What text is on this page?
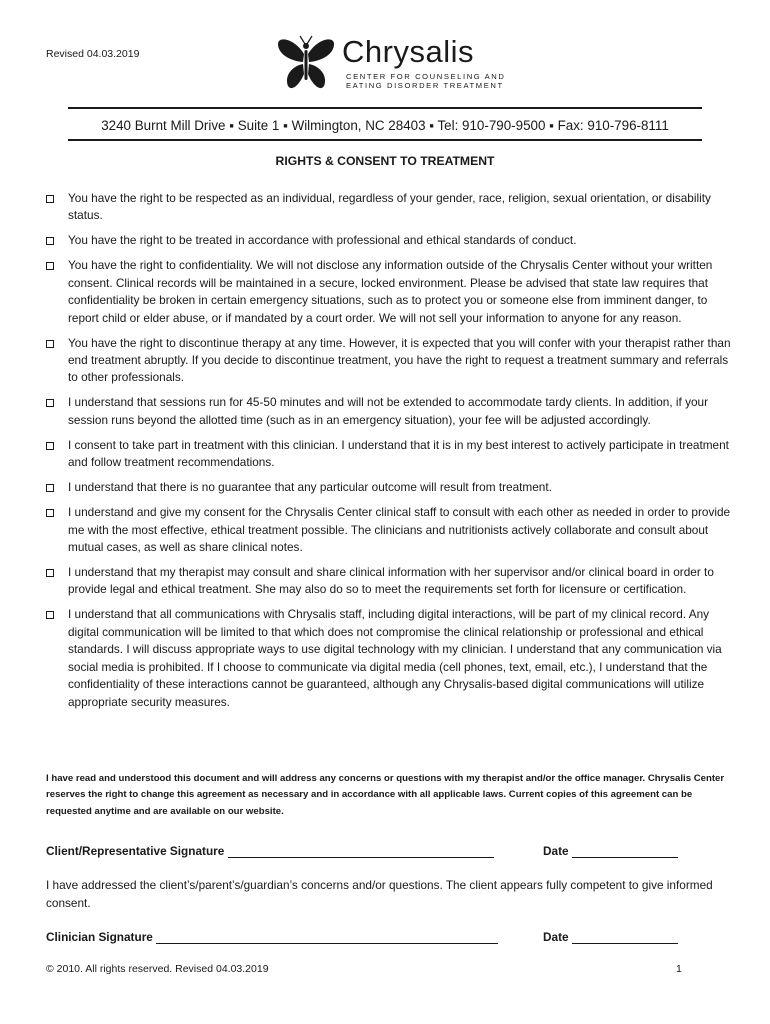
Revised 04.03.2019	Chrysalis
CENTER FOR COUNSELING AND
EATING DISORDER TREATMENT
3240 Burnt Mill Drive ▪ Suite 1 ▪ Wilmington, NC 28403 ▪ Tel: 910-790-9500 ▪ Fax: 910-796-8111
RIGHTS & CONSENT TO TREATMENT
You have the right to be respected as an individual, regardless of your gender, race, religion, sexual orientation, or disability status.
You have the right to be treated in accordance with professional and ethical standards of conduct.
You have the right to confidentiality. We will not disclose any information outside of the Chrysalis Center without your written consent. Clinical records will be maintained in a secure, locked environment. Please be advised that state law requires that confidentiality be broken in certain emergency situations, such as to protect you or someone else from imminent danger, to report child or elder abuse, or if mandated by a court order. We will not sell your information to anyone for any reason.
You have the right to discontinue therapy at any time. However, it is expected that you will confer with your therapist rather than end treatment abruptly. If you decide to discontinue treatment, you have the right to request a treatment summary and referrals to other professionals.
I understand that sessions run for 45-50 minutes and will not be extended to accommodate tardy clients. In addition, if your session runs beyond the allotted time (such as in an emergency situation), your fee will be adjusted accordingly.
I consent to take part in treatment with this clinician. I understand that it is in my best interest to actively participate in treatment and follow treatment recommendations.
I understand that there is no guarantee that any particular outcome will result from treatment.
I understand and give my consent for the Chrysalis Center clinical staff to consult with each other as needed in order to provide me with the most effective, ethical treatment possible. The clinicians and nutritionists actively collaborate and consult about mutual cases, as well as share clinical notes.
I understand that my therapist may consult and share clinical information with her supervisor and/or clinical board in order to provide legal and ethical treatment. She may also do so to meet the requirements set forth for licensure or certification.
I understand that all communications with Chrysalis staff, including digital interactions, will be part of my clinical record. Any digital communication will be limited to that which does not compromise the clinical relationship or professional and ethical standards. I will discuss appropriate ways to use digital technology with my clinician. I understand that any communication via social media is prohibited. If I choose to communicate via digital media (cell phones, text, email, etc.), I understand that the confidentiality of these interactions cannot be guaranteed, although any Chrysalis-based digital communications will utilize appropriate security measures.
I have read and understood this document and will address any concerns or questions with my therapist and/or the office manager. Chrysalis Center reserves the right to change this agreement as necessary and in accordance with all applicable laws. Current copies of this agreement can be requested anytime and are available on our website.
Client/Representative Signature	Date
I have addressed the client’s/parent’s/guardian’s concerns and/or questions. The client appears fully competent to give informed consent.
Clinician Signature	Date
© 2010. All rights reserved. Revised 04.03.2019	1
